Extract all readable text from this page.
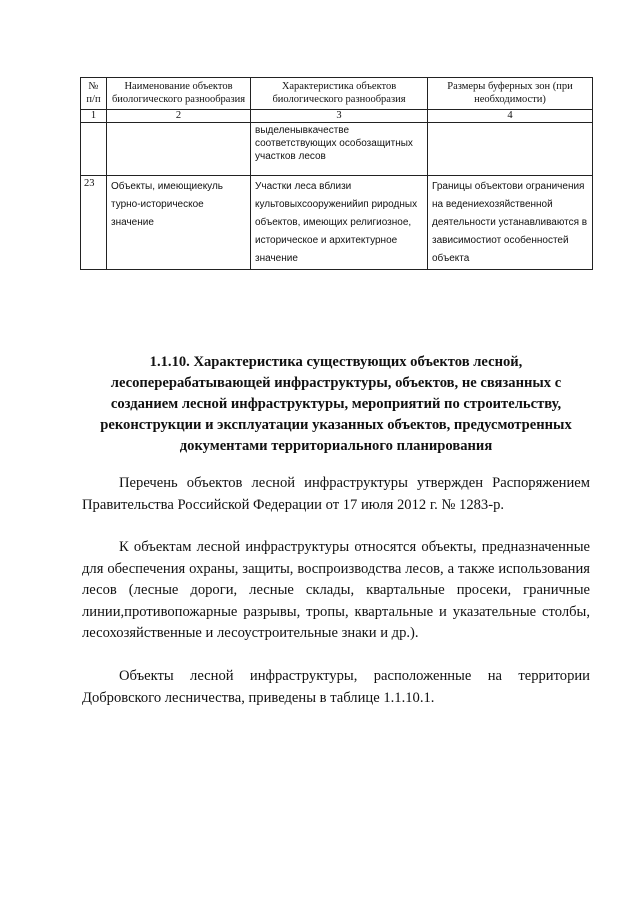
№ п/п	Наименование объектов биологического разнообразия	Характеристика объектов биологического разнообразия	Размеры буферных зон (при необходимости)
1	2	3	4
		выделенывкачестве соответствующих особозащитных участков лесов	
23	Объекты, имеющиекуль турно-историческое значение	Участки леса вблизи культовыхсооруженийип риродных объектов, имеющих религиозное, историческое и архитектурное значение	Границы объектови ограничения на ведениехозяйственной деятельности устанавливаются в зависимостиот особенностей объекта
1.1.10. Характеристика существующих объектов лесной, лесоперерабатывающей инфраструктуры, объектов, не связанных с созданием лесной инфраструктуры, мероприятий по строительству, реконструкции и эксплуатации указанных объектов, предусмотренных документами территориального планирования

Перечень объектов лесной инфраструктуры утвержден Распоряжением Правительства Российской Федерации от 17 июля 2012 г. № 1283-р.

К объектам лесной инфраструктуры относятся объекты, предназначенные для обеспечения охраны, защиты, воспроизводства лесов, а также использования лесов (лесные дороги, лесные склады, квартальные просеки, граничные линии,противопожарные разрывы, тропы, квартальные и указательные столбы, лесохозяйственные и лесоустроительные знаки и др.).

Объекты лесной инфраструктуры, расположенные на территории Добровского лесничества, приведены в таблице 1.1.10.1.
